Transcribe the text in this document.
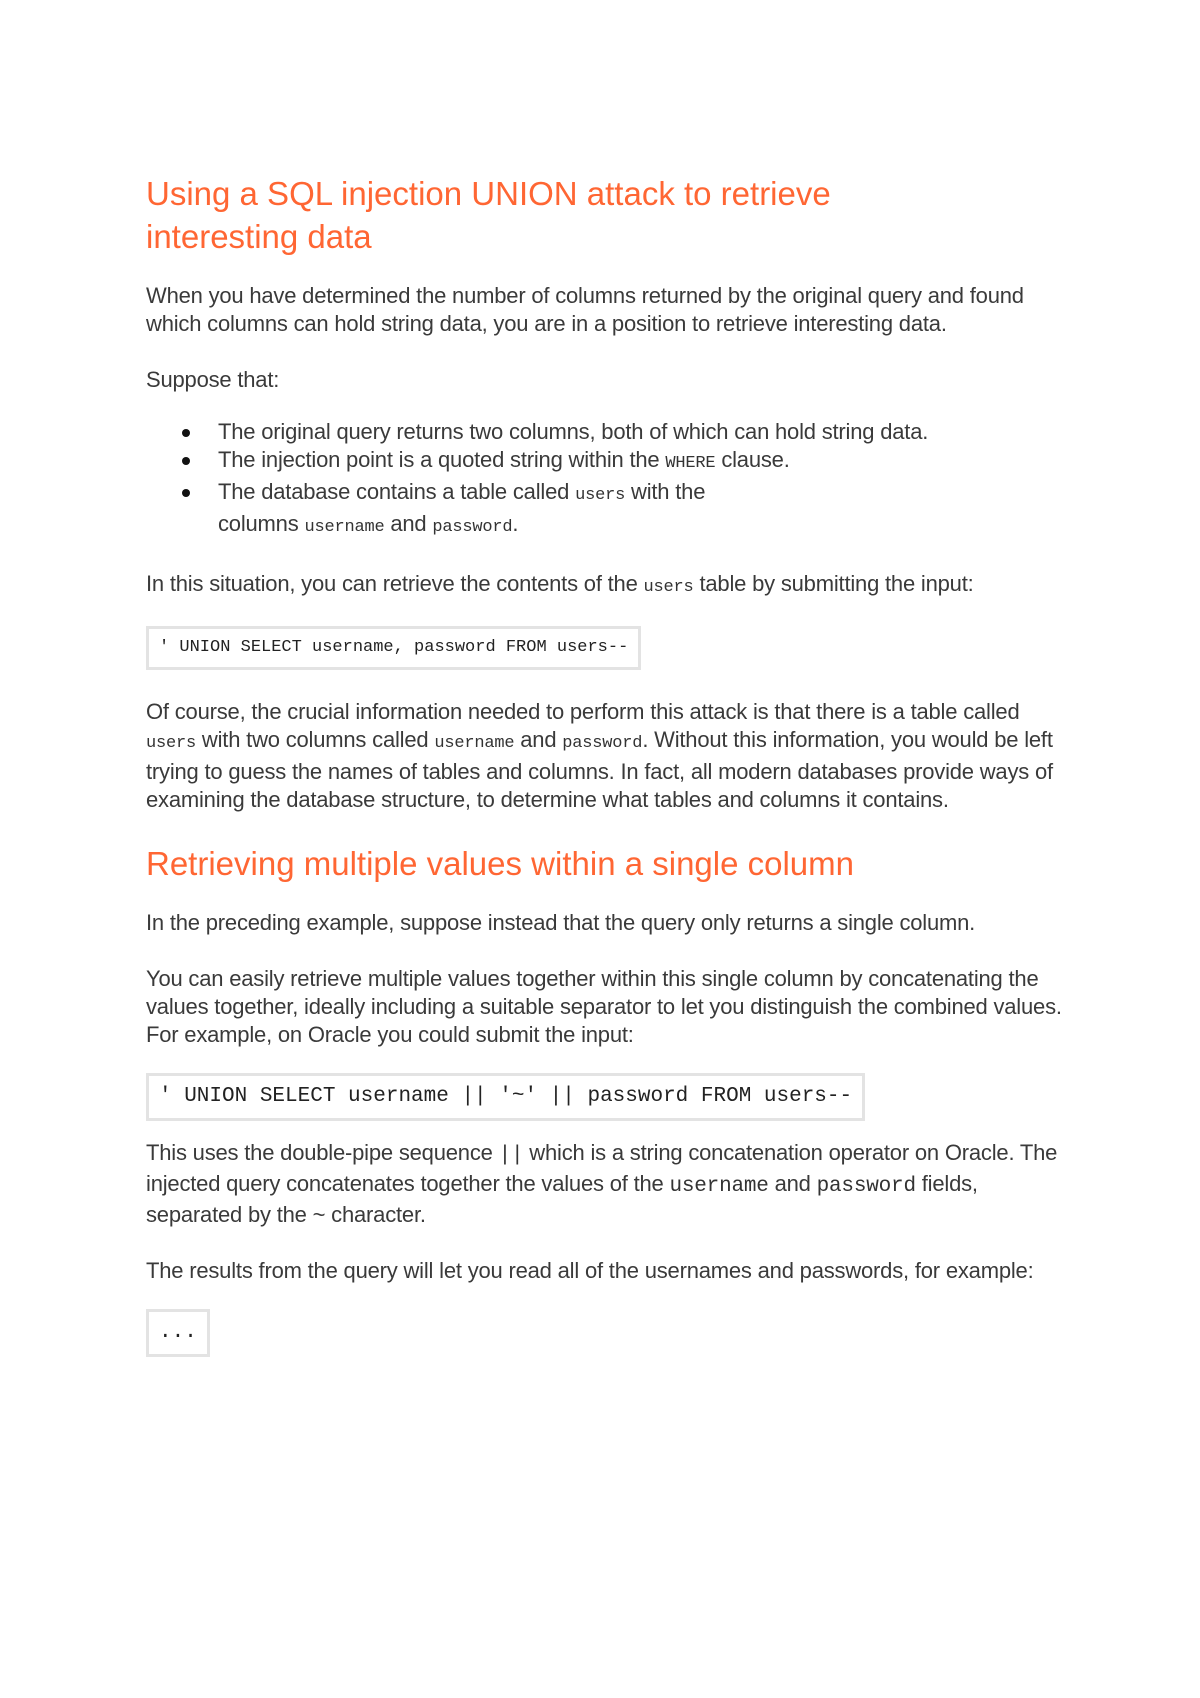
Using a SQL injection UNION attack to retrieve interesting data

When you have determined the number of columns returned by the original query and found which columns can hold string data, you are in a position to retrieve interesting data.

Suppose that:

The original query returns two columns, both of which can hold string data.
The injection point is a quoted string within the WHERE clause.
The database contains a table called users with the columns username and password.

In this situation, you can retrieve the contents of the users table by submitting the input:

' UNION SELECT username, password FROM users--

Of course, the crucial information needed to perform this attack is that there is a table called users with two columns called username and password. Without this information, you would be left trying to guess the names of tables and columns. In fact, all modern databases provide ways of examining the database structure, to determine what tables and columns it contains.

Retrieving multiple values within a single column

In the preceding example, suppose instead that the query only returns a single column.

You can easily retrieve multiple values together within this single column by concatenating the values together, ideally including a suitable separator to let you distinguish the combined values. For example, on Oracle you could submit the input:

' UNION SELECT username || '~' || password FROM users--

This uses the double-pipe sequence || which is a string concatenation operator on Oracle. The injected query concatenates together the values of the username and password fields, separated by the ~ character.

The results from the query will let you read all of the usernames and passwords, for example:

...
